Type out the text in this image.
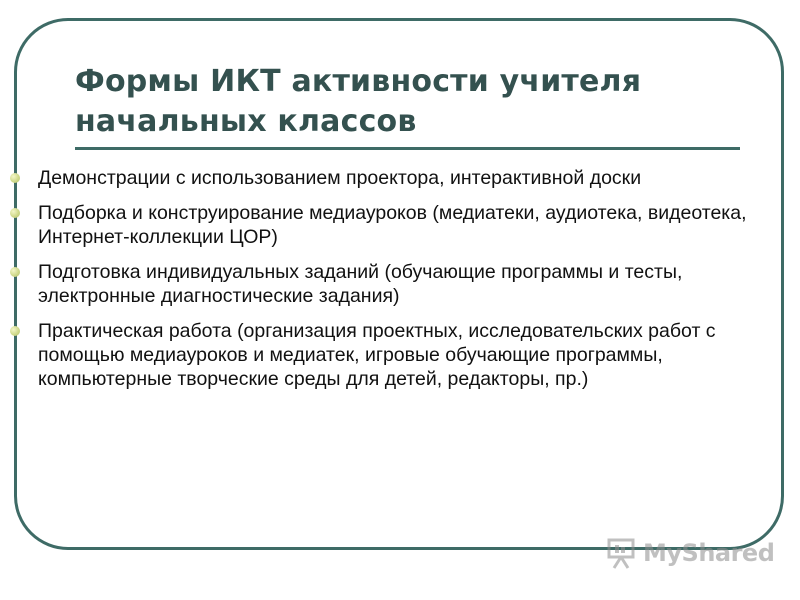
Формы ИКТ активности учителя начальных классов
Демонстрации с использованием проектора, интерактивной доски
Подборка и конструирование медиауроков (медиатеки, аудиотека, видеотека, Интернет-коллекции ЦОР)
Подготовка индивидуальных заданий (обучающие программы и тесты, электронные диагностические задания)
Практическая работа (организация проектных, исследовательских работ с помощью медиауроков и медиатек, игровые обучающие программы, компьютерные творческие среды для детей, редакторы, пр.)
MyShared
